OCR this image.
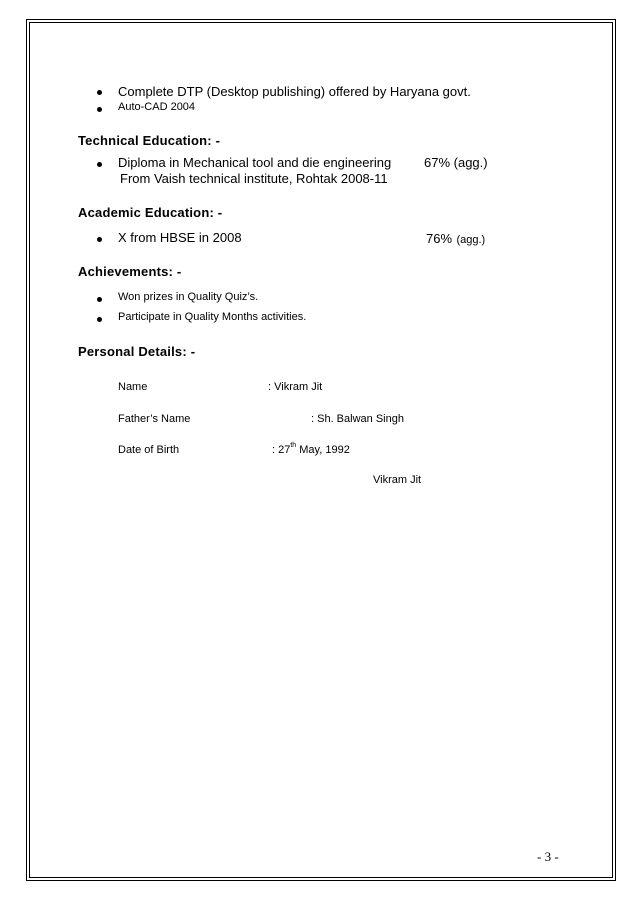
Complete DTP (Desktop publishing) offered by Haryana govt.
Auto-CAD 2004
Technical Education: -
Diploma in Mechanical tool and die engineering	67% (agg.)
From Vaish technical institute, Rohtak 2008-11
Academic Education: -
X from HBSE in 2008	76% (agg.)
Achievements: -
Won prizes in Quality Quiz’s.
Participate in Quality Months activities.
Personal Details: -
Name	: Vikram Jit
Father’s Name	: Sh. Balwan Singh
Date of Birth	: 27th May, 1992
Vikram Jit
- 3 -
